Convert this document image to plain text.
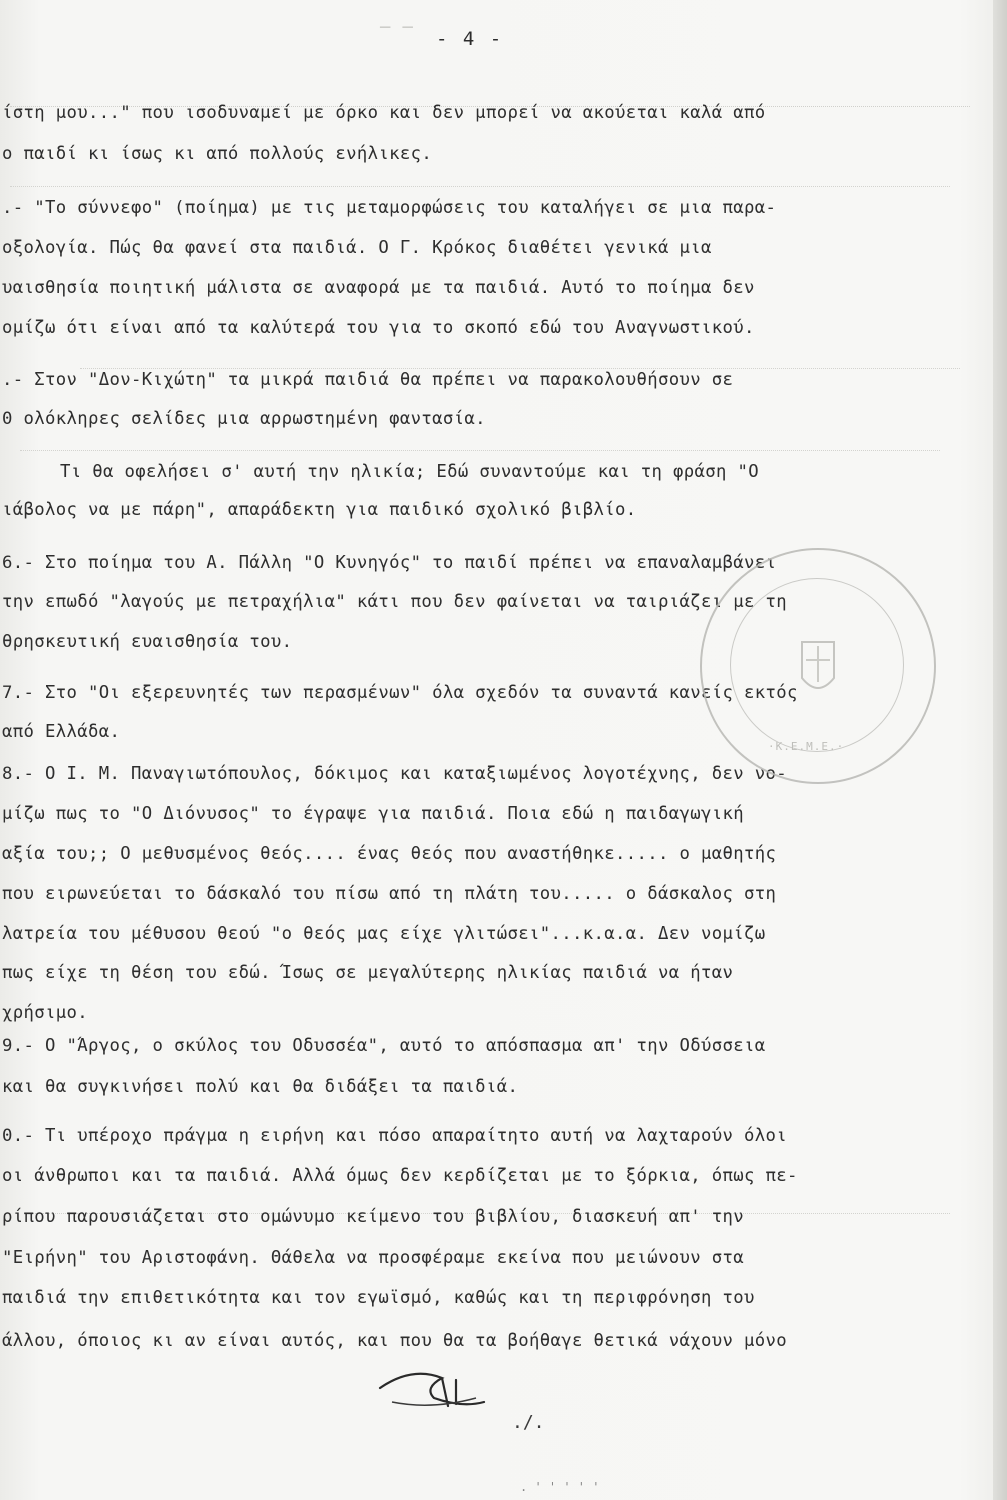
─ ─ - 4 -
ίστη μου..." που ισοδυναμεί με όρκο και δεν μπορεί να ακούεται καλά από
ο παιδί κι ίσως κι από πολλούς ενήλικες.
.- "Το σύννεφο" (ποίημα) με τις μεταμορφώσεις του καταλήγει σε μια παρα-
οξολογία. Πώς θα φανεί στα παιδιά. Ο Γ. Κρόκος διαθέτει γενικά μια
υαισθησία ποιητική μάλιστα σε αναφορά με τα παιδιά. Αυτό το ποίημα δεν
ομίζω ότι είναι από τα καλύτερά του για το σκοπό εδώ του Αναγνωστικού.
.- Στον "Δον-Κιχώτη" τα μικρά παιδιά θα πρέπει να παρακολουθήσουν σε
0 ολόκληρες σελίδες μια αρρωστημένη φαντασία.
Τι θα οφελήσει σ' αυτή την ηλικία; Εδώ συναντούμε και τη φράση "Ο
ιάβολος να με πάρη", απαράδεκτη για παιδικό σχολικό βιβλίο.
6.- Στο ποίημα του Α. Πάλλη "Ο Κυνηγός" το παιδί πρέπει να επαναλαμβάνει
την επωδό "λαγούς με πετραχήλια" κάτι που δεν φαίνεται να ταιριάζει με τη
θρησκευτική ευαισθησία του.
7.- Στο "Οι εξερευνητές των περασμένων" όλα σχεδόν τα συναντά κανείς εκτός
από Ελλάδα.
8.- Ο Ι. Μ. Παναγιωτόπουλος, δόκιμος και καταξιωμένος λογοτέχνης, δεν νο-
μίζω πως το "Ο Διόνυσος" το έγραψε για παιδιά. Ποια εδώ η παιδαγωγική
αξία του;; Ο μεθυσμένος θεός.... ένας θεός που αναστήθηκε..... ο μαθητής
που ειρωνεύεται το δάσκαλό του πίσω από τη πλάτη του..... ο δάσκαλος στη
λατρεία του μέθυσου θεού "ο θεός μας είχε γλιτώσει"...κ.α.α. Δεν νομίζω
πως είχε τη θέση του εδώ. Ίσως σε μεγαλύτερης ηλικίας παιδιά να ήταν
χρήσιμο.
9.- Ο "Άργος, ο σκύλος του Οδυσσέα", αυτό το απόσπασμα απ' την Οδύσσεια
και θα συγκινήσει πολύ και θα διδάξει τα παιδιά.
0.- Τι υπέροχο πράγμα η ειρήνη και πόσο απαραίτητο αυτή να λαχταρούν όλοι
οι άνθρωποι και τα παιδιά. Αλλά όμως δεν κερδίζεται με το ξόρκια, όπως πε-
ρίπου παρουσιάζεται στο ομώνυμο κείμενο του βιβλίου, διασκευή απ' την
"Ειρήνη" του Αριστοφάνη. Θάθελα να προσφέραμε εκείνα που μειώνουν στα
παιδιά την επιθετικότητα και τον εγωϊσμό, καθώς και τη περιφρόνηση του
άλλου, όποιος κι αν είναι αυτός, και που θα τα βοήθαγε θετικά νάχουν μόνο
·Κ.Ε.Μ.Ε.·
./.
. ' ' ' ' '
